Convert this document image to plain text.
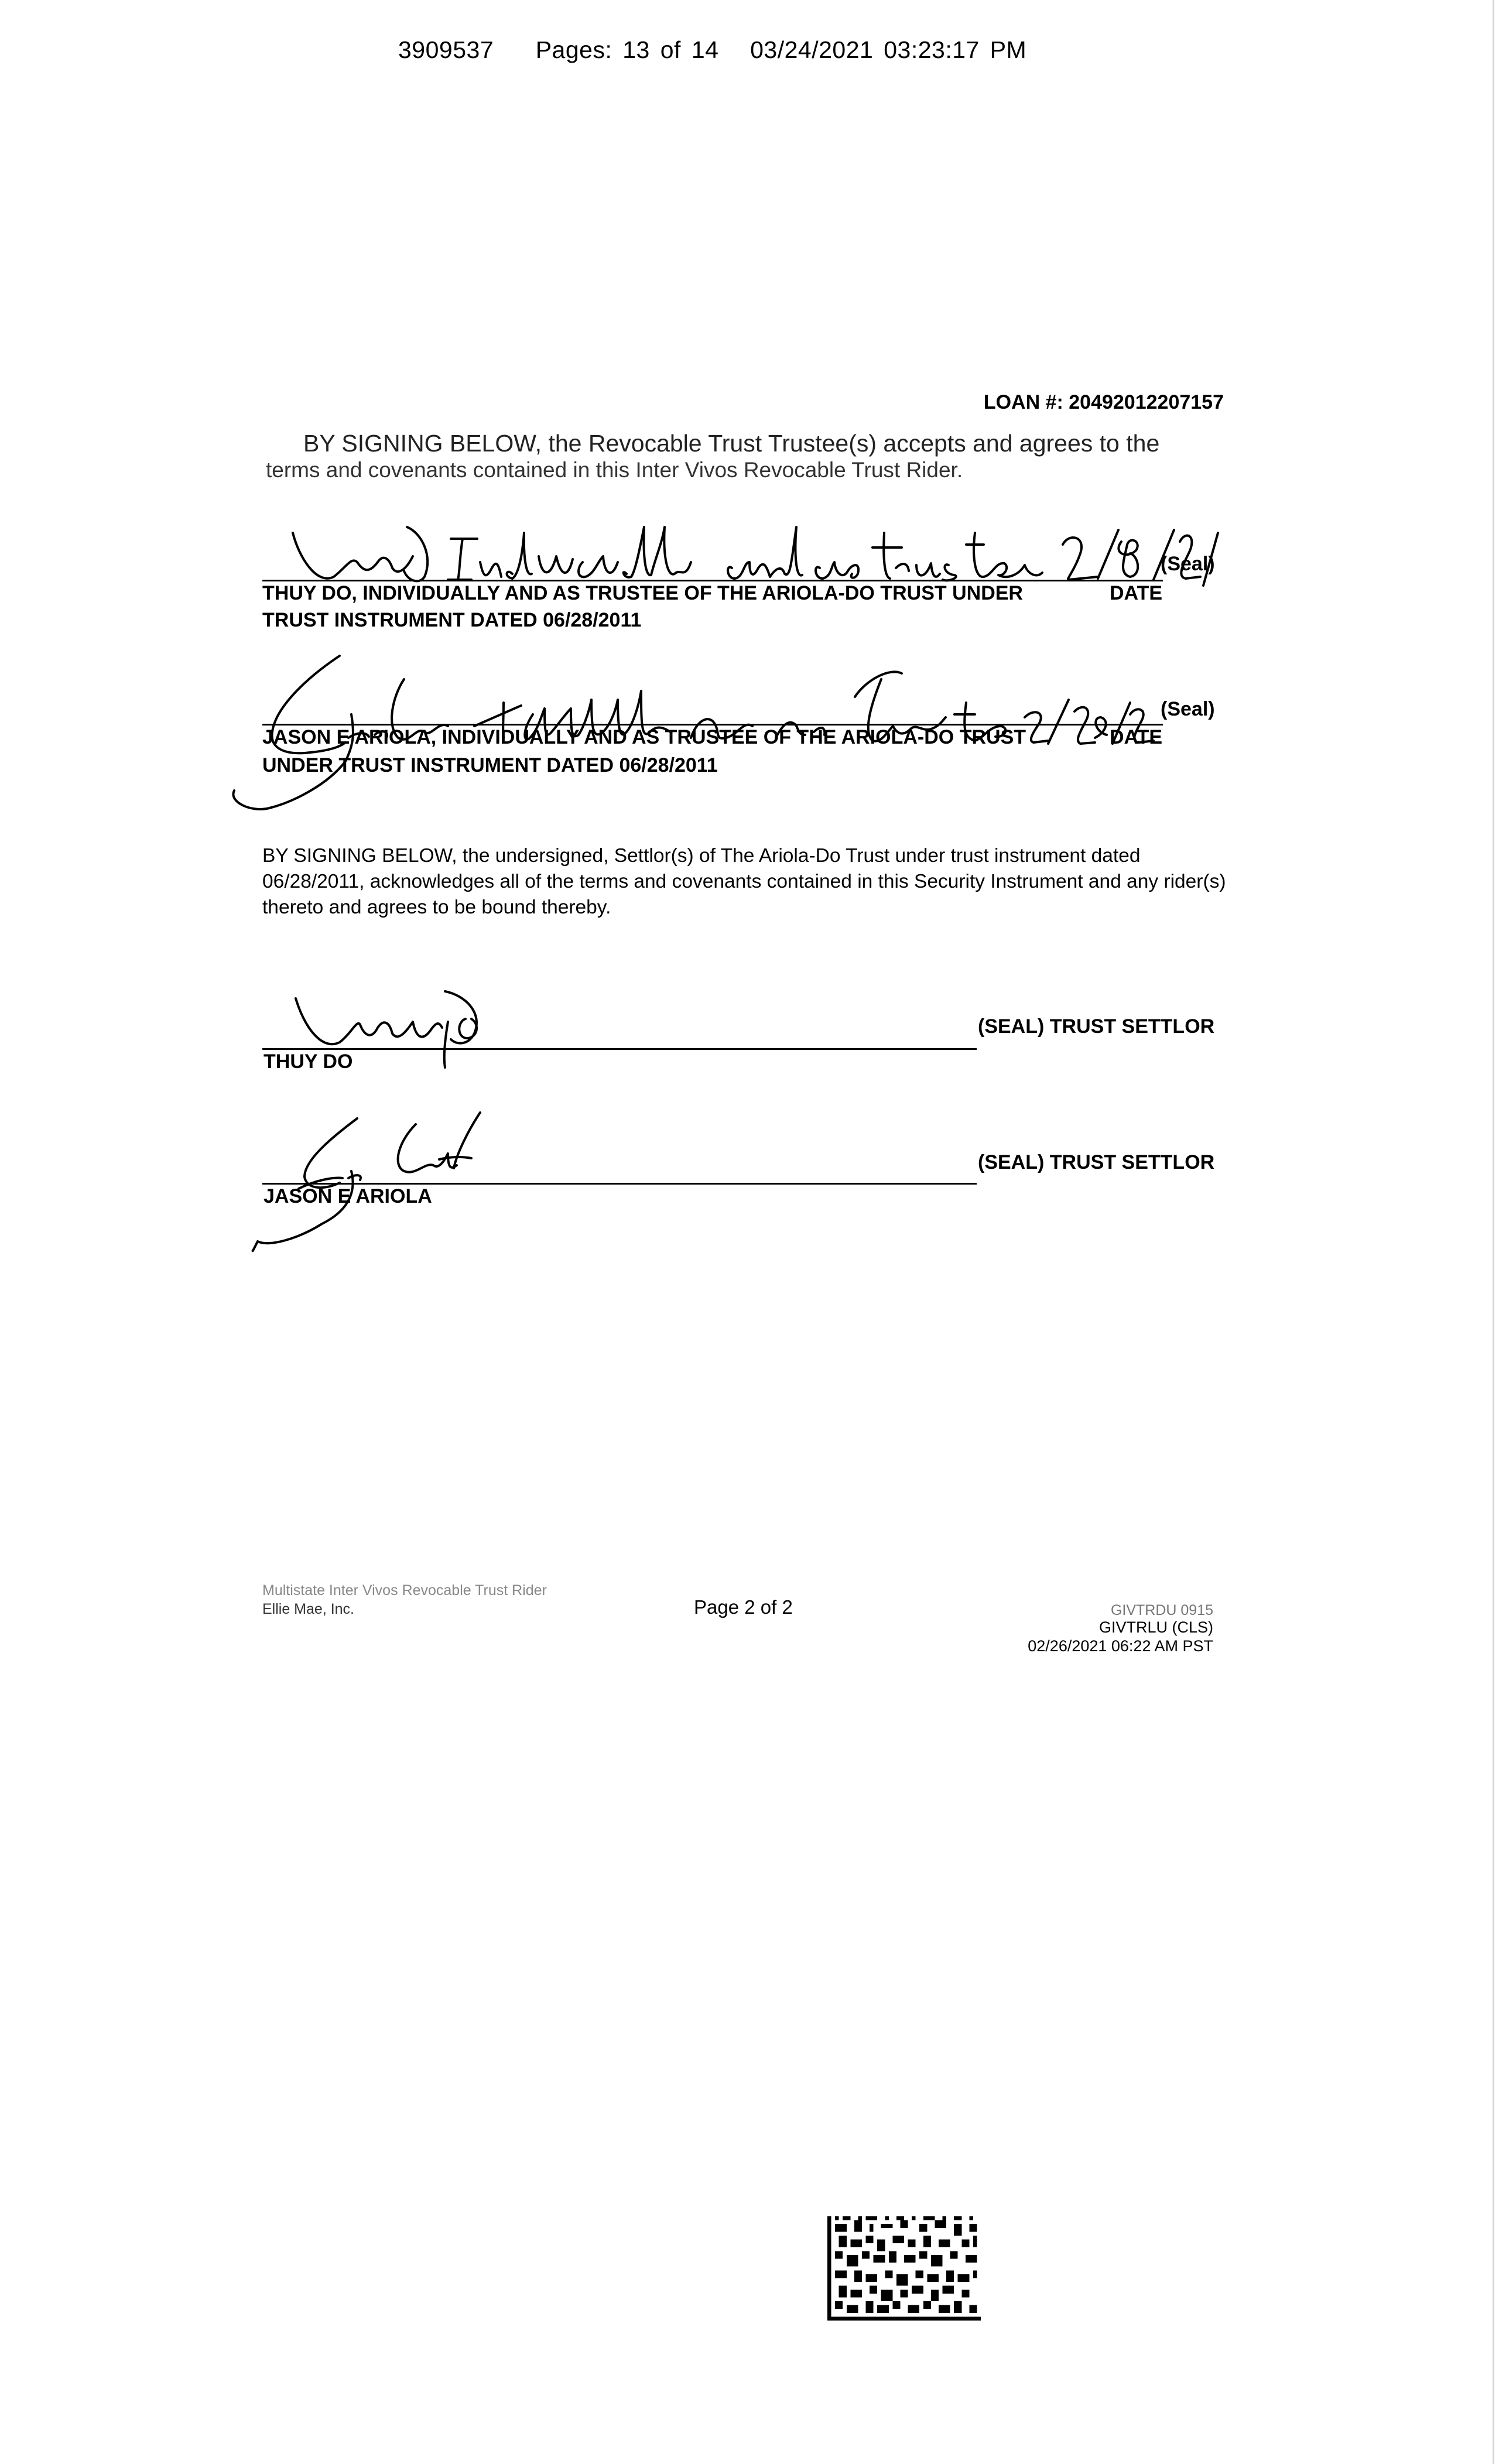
3909537 Pages: 13 of 14 03/24/2021 03:23:17 PM
LOAN #: 20492012207157
BY SIGNING BELOW, the Revocable Trust Trustee(s) accepts and agrees to the
terms and covenants contained in this Inter Vivos Revocable Trust Rider.
(Seal)
THUY DO, INDIVIDUALLY AND AS TRUSTEE OF THE ARIOLA-DO TRUST UNDER	DATE
TRUST INSTRUMENT DATED 06/28/2011
(Seal)
JASON E ARIOLA, INDIVIDUALLY AND AS TRUSTEE OF THE ARIOLA-DO TRUST	DATE
UNDER TRUST INSTRUMENT DATED 06/28/2011
BY SIGNING BELOW, the undersigned, Settlor(s) of The Ariola-Do Trust under trust instrument dated 06/28/2011, acknowledges all of the terms and covenants contained in this Security Instrument and any rider(s) thereto and agrees to be bound thereby.
THUY DO
(SEAL) TRUST SETTLOR
JASON E ARIOLA
(SEAL) TRUST SETTLOR
Multistate Inter Vivos Revocable Trust Rider
Ellie Mae, Inc.	Page 2 of 2	GIVTRDU 0915
GIVTRLU (CLS)
02/26/2021 06:22 AM PST
